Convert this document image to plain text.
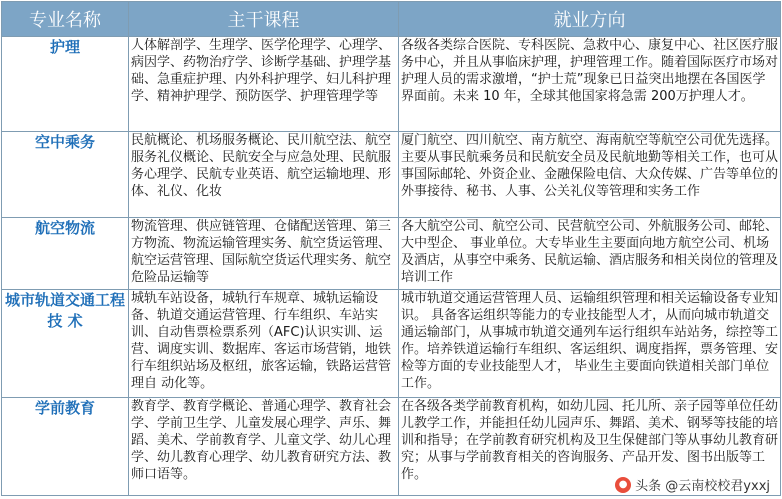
专业名称	主干课程	就业方向
护理	人体解剖学、生理学、医学伦理学、心理学、病因学、药物治疗学、诊断学基础、护理学基础、急重症护理、内外科护理学、妇儿科护理学、精神护理学、预防医学、护理管理学等	各级各类综合医院、专科医院、急救中心、康复中心、社区医疗服务中心，并且从事临床护理，护理管理工作。随着国际医疗市场对护理人员的需求激增，“护士荒”现象已日益突出地摆在各国医学界面前。未来 10 年，全球其他国家将急需 200万护理人才。
空中乘务	民航概论、机场服务概论、民川航空法、航空服务礼仪概论、民航安全与应急处理、民航服务心理学、民航专业英语、航空运输地理、形体、礼仪、化妆	厦门航空、四川航空、南方航空、海南航空等航空公司优先选择。主要从事民航乘务员和民航安全员及民航地勤等相关工作，也可从事国际邮轮、外资企业、金融保险电信、大众传媒、广告等单位的外事接待、秘书、人事、公关礼仪等管理和实务工作
航空物流	物流管理、供应链管理、仓储配送管理、第三方物流、物流运输管理实务、航空货运管理、航空运营管理、国际航空货运代理实务、航空危险品运输等	各大航空公司、航空公司、民营航空公司、外航服务公司、邮轮、大中型企、 事业单位。大专毕业生主要面向地方航空公司、机场及酒店，从事空中乘务、民航运输、酒店服务和相关岗位的管理及培训工作
城市轨道交通工程技 术	城轨车站设备，城轨行车规章、城轨运输设备、轨道交通运营管理、行车组织、车站实训、自动售票检票系列（AFC)认识实训、运营、调度实训、数据库、客运市场营销，地铁行车组织站场及枢纽，旅客运输，铁路运营管理自 动化等。	城市轨道交通运营管理人员、运输组织管理和相关运输设备专业知识。 具备客运组织等能力的专业技能型人才，从而向城市轨道交通运输部门，从事城市轨道交通列车运行组织车站站务，综控等工作。培养铁道运输行车组织、客运组织、调度指挥，票务管理、安检等方面的专业技能型人才， 毕业生主要面向铁道相关部门单位工作。
学前教育	教育学、教育学概论、普通心理学、教育社会学、学前卫生学、儿童发展心理学、声乐、舞蹈、美术、学前教育学、儿童文学、幼儿心理学、幼儿教育心理学、幼儿教育研究方法、教师口语等。	在各级各类学前教育机构，如幼儿园、托儿所、亲子园等单位任幼儿教学工作，并能担任幼儿园声乐、舞蹈、美术、钢琴等技能的培训和指导；在学前教育研究机构及卫生保健部门等从事幼儿教育研究；从事与学前教育相关的咨询服务、产品开发、图书出版等工作。
● 头条 @云南校校君yxxj
